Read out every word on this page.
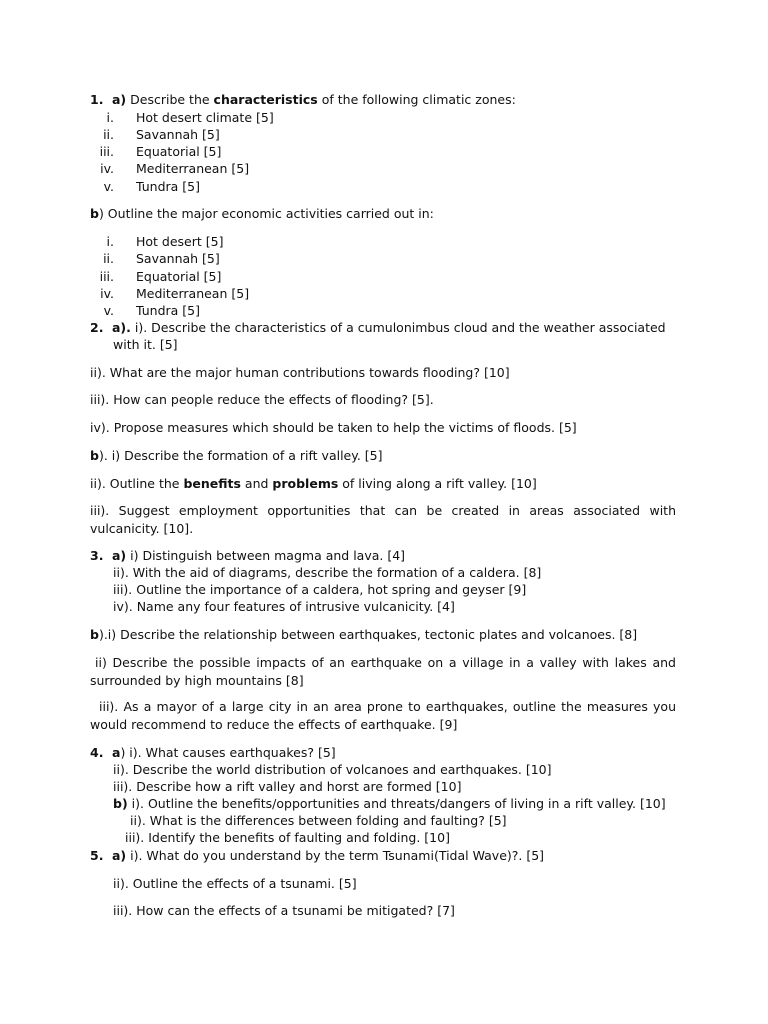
1. a) Describe the characteristics of the following climatic zones:
i. Hot desert climate [5]
ii. Savannah [5]
iii. Equatorial [5]
iv. Mediterranean [5]
v. Tundra [5]
b) Outline the major economic activities carried out in:
i. Hot desert [5]
ii. Savannah [5]
iii. Equatorial [5]
iv. Mediterranean [5]
v. Tundra [5]
2. a). i). Describe the characteristics of a cumulonimbus cloud and the weather associated
with it. [5]
ii). What are the major human contributions towards flooding? [10]
iii). How can people reduce the effects of flooding? [5].
iv). Propose measures which should be taken to help the victims of floods. [5]
b). i) Describe the formation of a rift valley. [5]
ii). Outline the benefits and problems of living along a rift valley. [10]
iii). Suggest employment opportunities that can be created in areas associated with vulcanicity. [10].
3. a) i) Distinguish between magma and lava. [4]
ii). With the aid of diagrams, describe the formation of a caldera. [8]
iii). Outline the importance of a caldera, hot spring and geyser [9]
iv). Name any four features of intrusive vulcanicity. [4]
b).i) Describe the relationship between earthquakes, tectonic plates and volcanoes. [8]
ii) Describe the possible impacts of an earthquake on a village in a valley with lakes and surrounded by high mountains [8]
iii). As a mayor of a large city in an area prone to earthquakes, outline the measures you would recommend to reduce the effects of earthquake. [9]
4. a) i). What causes earthquakes? [5]
ii). Describe the world distribution of volcanoes and earthquakes. [10]
iii). Describe how a rift valley and horst are formed [10]
b) i). Outline the benefits/opportunities and threats/dangers of living in a rift valley. [10]
ii). What is the differences between folding and faulting? [5]
iii). Identify the benefits of faulting and folding. [10]
5. a) i). What do you understand by the term Tsunami(Tidal Wave)?. [5]
ii). Outline the effects of a tsunami. [5]
iii). How can the effects of a tsunami be mitigated? [7]
